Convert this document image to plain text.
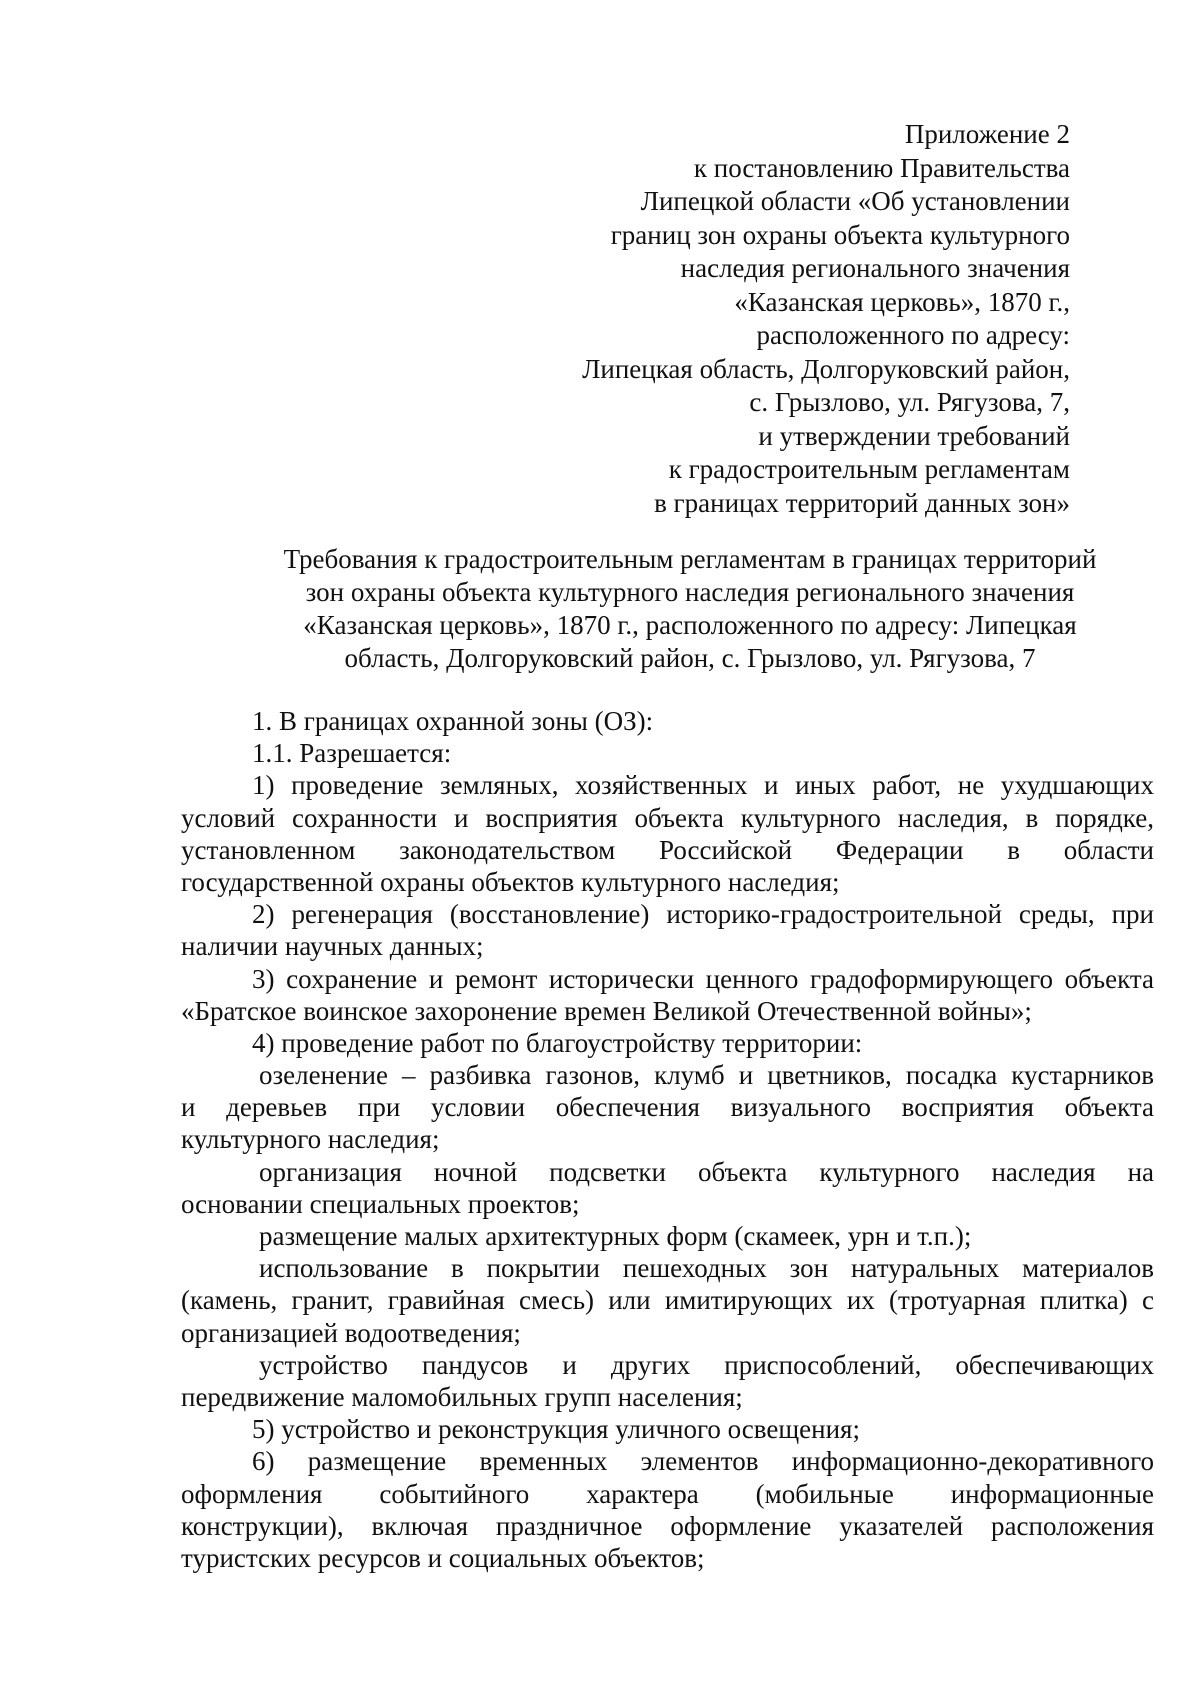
Приложение 2
к постановлению Правительства
Липецкой области «Об установлении
границ зон охраны объекта культурного
наследия регионального значения
«Казанская церковь», 1870 г.,
расположенного по адресу:
Липецкая область, Долгоруковский район,
с. Грызлово, ул. Рягузова, 7,
и утверждении требований
к градостроительным регламентам
в границах территорий данных зон»
Требования к градостроительным регламентам в границах территорий
зон охраны объекта культурного наследия регионального значения
«Казанская церковь», 1870 г., расположенного по адресу: Липецкая
область, Долгоруковский район, с. Грызлово, ул. Рягузова, 7
1. В границах охранной зоны (ОЗ):
1.1. Разрешается:
1) проведение земляных, хозяйственных и иных работ, не ухудшающих
условий сохранности и восприятия объекта культурного наследия, в порядке,
установленном законодательством Российской Федерации в области
государственной охраны объектов культурного наследия;
2) регенерация (восстановление) историко-градостроительной среды, при
наличии научных данных;
3) сохранение и ремонт исторически ценного градоформирующего объекта
«Братское воинское захоронение времен Великой Отечественной войны»;
4) проведение работ по благоустройству территории:
озеленение – разбивка газонов, клумб и цветников, посадка кустарников
и деревьев при условии обеспечения визуального восприятия объекта
культурного наследия;
организация ночной подсветки объекта культурного наследия на
основании специальных проектов;
размещение малых архитектурных форм (скамеек, урн и т.п.);
использование в покрытии пешеходных зон натуральных материалов
(камень, гранит, гравийная смесь) или имитирующих их (тротуарная плитка) с
организацией водоотведения;
устройство пандусов и других приспособлений, обеспечивающих
передвижение маломобильных групп населения;
5) устройство и реконструкция уличного освещения;
6) размещение временных элементов информационно-декоративного
оформления событийного характера (мобильные информационные
конструкции), включая праздничное оформление указателей расположения
туристских ресурсов и социальных объектов;
